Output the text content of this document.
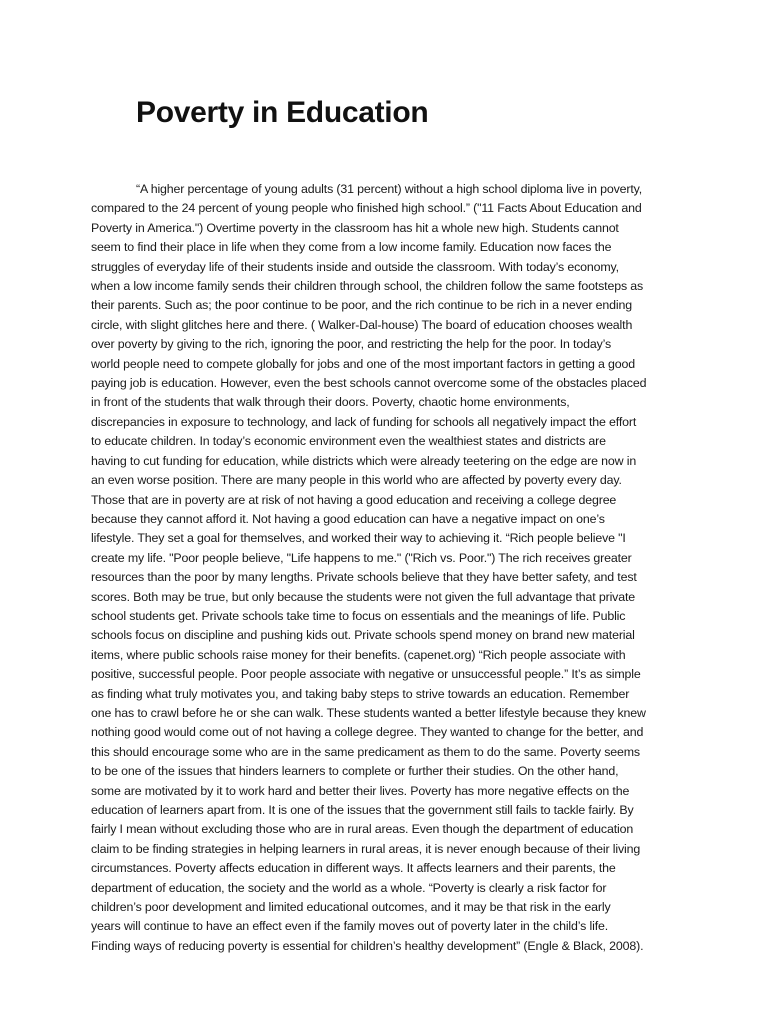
Poverty in Education
“A higher percentage of young adults (31 percent) without a high school diploma live in poverty,
compared to the 24 percent of young people who finished high school.” ("11 Facts About Education and
Poverty in America.") Overtime poverty in the classroom has hit a whole new high. Students cannot
seem to find their place in life when they come from a low income family. Education now faces the
struggles of everyday life of their students inside and outside the classroom. With today’s economy,
when a low income family sends their children through school, the children follow the same footsteps as
their parents. Such as; the poor continue to be poor, and the rich continue to be rich in a never ending
circle, with slight glitches here and there. ( Walker-Dal-house) The board of education chooses wealth
over poverty by giving to the rich, ignoring the poor, and restricting the help for the poor. In today’s
world people need to compete globally for jobs and one of the most important factors in getting a good
paying job is education. However, even the best schools cannot overcome some of the obstacles placed
in front of the students that walk through their doors. Poverty, chaotic home environments,
discrepancies in exposure to technology, and lack of funding for schools all negatively impact the effort
to educate children. In today’s economic environment even the wealthiest states and districts are
having to cut funding for education, while districts which were already teetering on the edge are now in
an even worse position. There are many people in this world who are affected by poverty every day.
Those that are in poverty are at risk of not having a good education and receiving a college degree
because they cannot afford it. Not having a good education can have a negative impact on one’s
lifestyle. They set a goal for themselves, and worked their way to achieving it. “Rich people believe "I
create my life. "Poor people believe, "Life happens to me." ("Rich vs. Poor.") The rich receives greater
resources than the poor by many lengths. Private schools believe that they have better safety, and test
scores. Both may be true, but only because the students were not given the full advantage that private
school students get. Private schools take time to focus on essentials and the meanings of life. Public
schools focus on discipline and pushing kids out. Private schools spend money on brand new material
items, where public schools raise money for their benefits. (capenet.org) “Rich people associate with
positive, successful people. Poor people associate with negative or unsuccessful people.” It’s as simple
as finding what truly motivates you, and taking baby steps to strive towards an education. Remember
one has to crawl before he or she can walk. These students wanted a better lifestyle because they knew
nothing good would come out of not having a college degree. They wanted to change for the better, and
this should encourage some who are in the same predicament as them to do the same. Poverty seems
to be one of the issues that hinders learners to complete or further their studies. On the other hand,
some are motivated by it to work hard and better their lives. Poverty has more negative effects on the
education of learners apart from. It is one of the issues that the government still fails to tackle fairly. By
fairly I mean without excluding those who are in rural areas. Even though the department of education
claim to be finding strategies in helping learners in rural areas, it is never enough because of their living
circumstances. Poverty affects education in different ways. It affects learners and their parents, the
department of education, the society and the world as a whole. “Poverty is clearly a risk factor for
children’s poor development and limited educational outcomes, and it may be that risk in the early
years will continue to have an effect even if the family moves out of poverty later in the child’s life.
Finding ways of reducing poverty is essential for children’s healthy development” (Engle & Black, 2008).
